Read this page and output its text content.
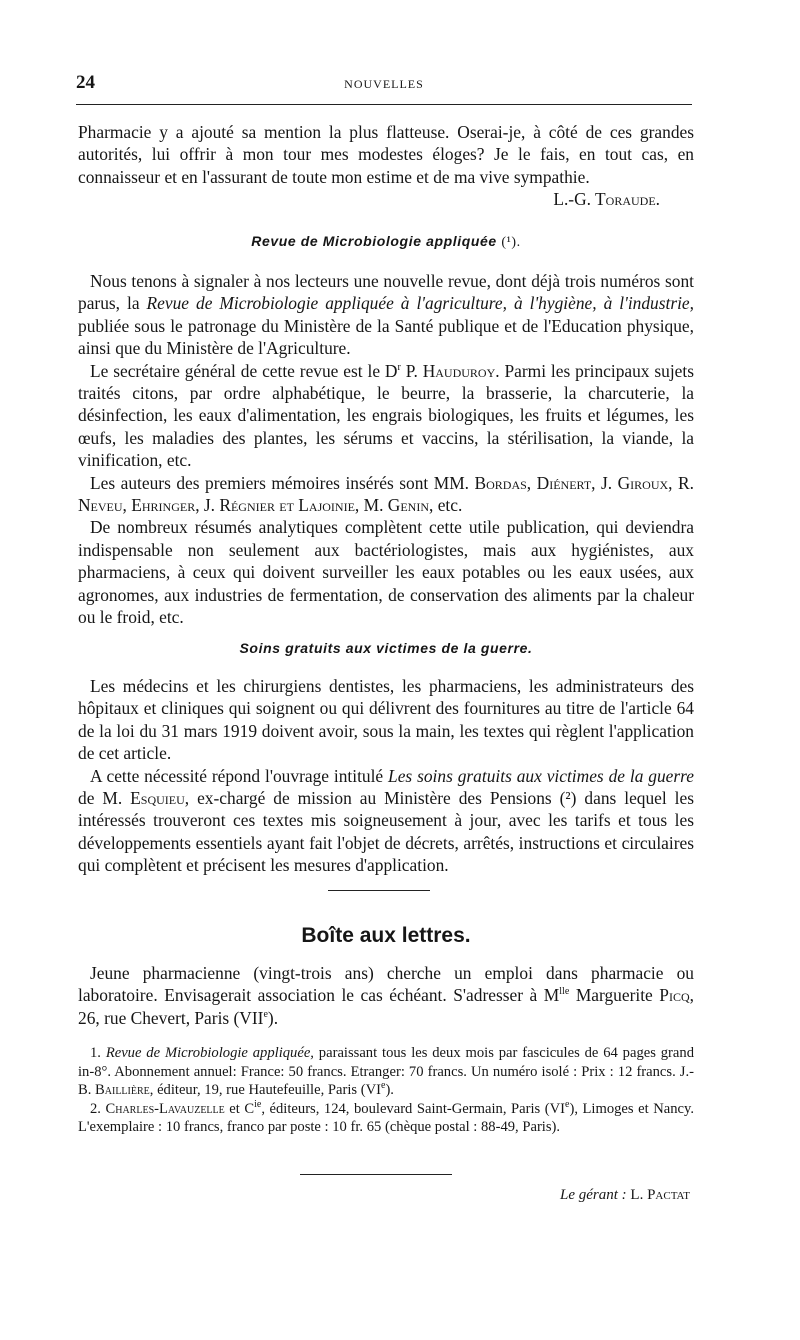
24	NOUVELLES

Pharmacie y a ajouté sa mention la plus flatteuse. Oserai-je, à côté de ces grandes autorités, lui offrir à mon tour mes modestes éloges? Je le fais, en tout cas, en connaisseur et en l'assurant de toute mon estime et de ma vive sympathie.
L.-G. Toraude.

Revue de Microbiologie appliquée (¹).

Nous tenons à signaler à nos lecteurs une nouvelle revue, dont déjà trois numéros sont parus, la Revue de Microbiologie appliquée à l'agriculture, à l'hygiène, à l'industrie, publiée sous le patronage du Ministère de la Santé publique et de l'Education physique, ainsi que du Ministère de l'Agriculture.

Le secrétaire général de cette revue est le $D^r$ P. Hauduroy. Parmi les principaux sujets traités citons, par ordre alphabétique, le beurre, la brasserie, la charcuterie, la désinfection, les eaux d'alimentation, les engrais biologiques, les fruits et légumes, les œufs, les maladies des plantes, les sérums et vaccins, la stérilisation, la viande, la vinification, etc.

Les auteurs des premiers mémoires insérés sont MM. Bordas, Diénert, J. Giroux, R. Neveu, Ehringer, J. Régnier et Lajoinie, M. Genin, etc.

De nombreux résumés analytiques complètent cette utile publication, qui deviendra indispensable non seulement aux bactériologistes, mais aux hygiénistes, aux pharmaciens, à ceux qui doivent surveiller les eaux potables ou les eaux usées, aux agronomes, aux industries de fermentation, de conservation des aliments par la chaleur ou le froid, etc.

Soins gratuits aux victimes de la guerre.

Les médecins et les chirurgiens dentistes, les pharmaciens, les administrateurs des hôpitaux et cliniques qui soignent ou qui délivrent des fournitures au titre de l'article 64 de la loi du 31 mars 1919 doivent avoir, sous la main, les textes qui règlent l'application de cet article.

A cette nécessité répond l'ouvrage intitulé Les soins gratuits aux victimes de la guerre de M. Esquieu, ex-chargé de mission au Ministère des Pensions (²) dans lequel les intéressés trouveront ces textes mis soigneusement à jour, avec les tarifs et tous les développements essentiels ayant fait l'objet de décrets, arrêtés, instructions et circulaires qui complètent et précisent les mesures d'application.

Boîte aux lettres.

Jeune pharmacienne (vingt-trois ans) cherche un emploi dans pharmacie ou laboratoire. Envisagerait association le cas échéant. S'adresser à $M^{lle}$ Marguerite Picq, 26, rue Chevert, Paris (VIIe).

1. Revue de Microbiologie appliquée, paraissant tous les deux mois par fascicules de 64 pages grand in-8°. Abonnement annuel: France: 50 francs. Etranger: 70 francs. Un numéro isolé : Prix : 12 francs. J.-B. Baillière, éditeur, 19, rue Hautefeuille, Paris (VIe).

2. Charles-Lavauzelle et $C^{ie}$, éditeurs, 124, boulevard Saint-Germain, Paris (VIe), Limoges et Nancy. L'exemplaire : 10 francs, franco par poste : 10 fr. 65 (chèque postal : 88-49, Paris).

Le gérant : L. Pactat
